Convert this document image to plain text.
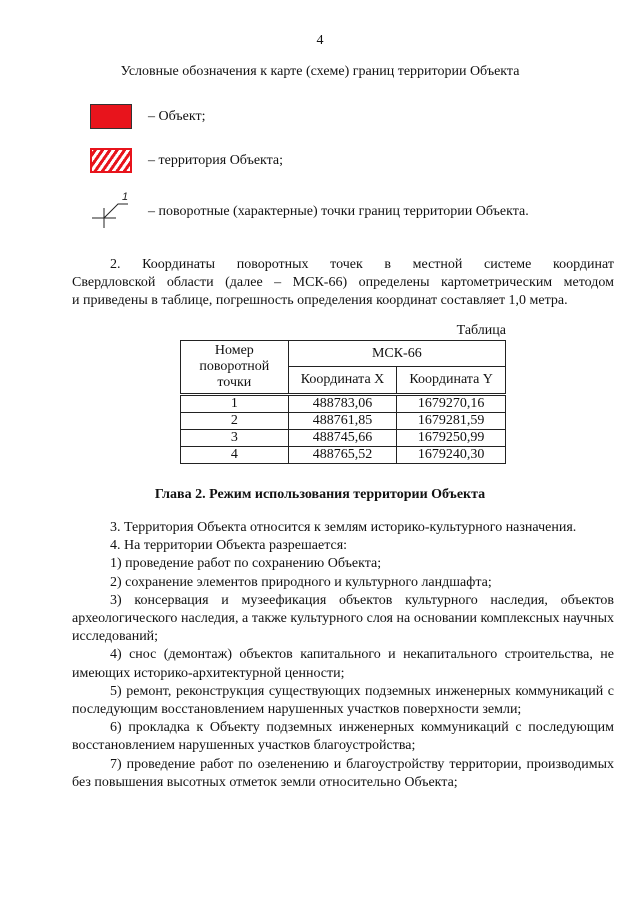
4
Условные обозначения к карте (схеме) границ территории Объекта
– Объект;
– территория Объекта;
1
– поворотные (характерные) точки границ территории Объекта.
2. Координаты поворотных точек в местной системе координат
Свердловской области (далее – МСК-66) определены картометрическим методом
и приведены в таблице, погрешность определения координат составляет 1,0 метра.
Таблица
Номер поворотной точки	МСК-66	
	Координата X	Координата Y
1	488783,06	1679270,16
2	488761,85	1679281,59
3	488745,66	1679250,99
4	488765,52	1679240,30
Глава 2. Режим использования территории Объекта

3. Территория Объекта относится к землям историко-культурного назначения.

4. На территории Объекта разрешается:

1) проведение работ по сохранению Объекта;

2) сохранение элементов природного и культурного ландшафта;

3) консервация и музеефикация объектов культурного наследия, объектов археологического наследия, а также культурного слоя на основании комплексных научных исследований;

4) снос (демонтаж) объектов капитального и некапитального строительства, не имеющих историко-архитектурной ценности;

5) ремонт, реконструкция существующих подземных инженерных коммуникаций с последующим восстановлением нарушенных участков поверхности земли;

6) прокладка к Объекту подземных инженерных коммуникаций с последующим восстановлением нарушенных участков благоустройства;

7) проведение работ по озеленению и благоустройству территории, производимых без повышения высотных отметок земли относительно Объекта;
